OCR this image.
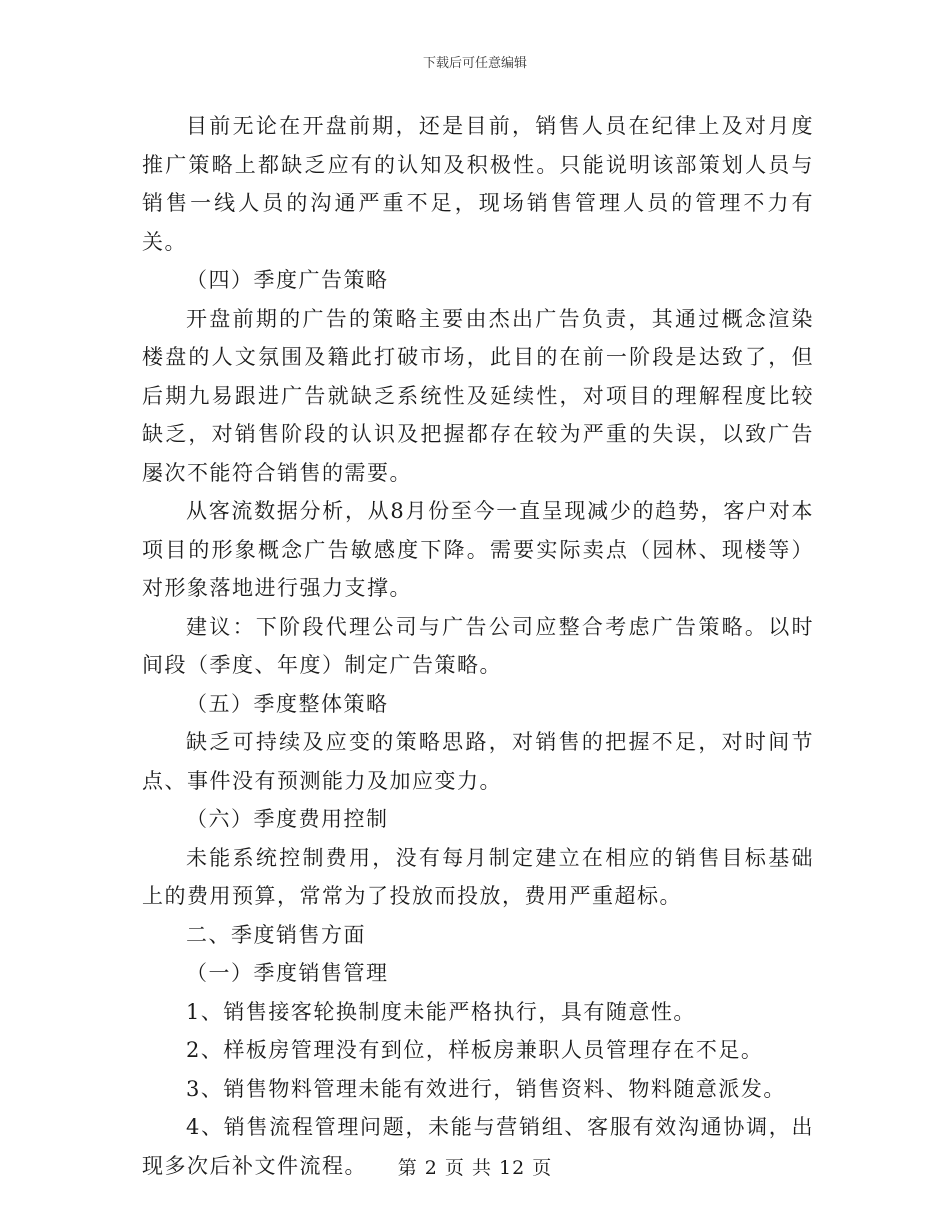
下载后可任意编辑

目前无论在开盘前期，还是目前，销售人员在纪律上及对月度推广策略上都缺乏应有的认知及积极性。只能说明该部策划人员与销售一线人员的沟通严重不足，现场销售管理人员的管理不力有关。

（四）季度广告策略

开盘前期的广告的策略主要由杰出广告负责，其通过概念渲染楼盘的人文氛围及籍此打破市场，此目的在前一阶段是达致了，但后期九易跟进广告就缺乏系统性及延续性，对项目的理解程度比较缺乏，对销售阶段的认识及把握都存在较为严重的失误，以致广告屡次不能符合销售的需要。

从客流数据分析，从8月份至今一直呈现减少的趋势，客户对本项目的形象概念广告敏感度下降。需要实际卖点（园林、现楼等）对形象落地进行强力支撑。

建议：下阶段代理公司与广告公司应整合考虑广告策略。以时间段（季度、年度）制定广告策略。

（五）季度整体策略

缺乏可持续及应变的策略思路，对销售的把握不足，对时间节点、事件没有预测能力及加应变力。

（六）季度费用控制

未能系统控制费用，没有每月制定建立在相应的销售目标基础上的费用预算，常常为了投放而投放，费用严重超标。

二、季度销售方面

（一）季度销售管理

1、销售接客轮换制度未能严格执行，具有随意性。

2、样板房管理没有到位，样板房兼职人员管理存在不足。

3、销售物料管理未能有效进行，销售资料、物料随意派发。

4、销售流程管理问题，未能与营销组、客服有效沟通协调，出现多次后补文件流程。	第 2 页 共 12 页
